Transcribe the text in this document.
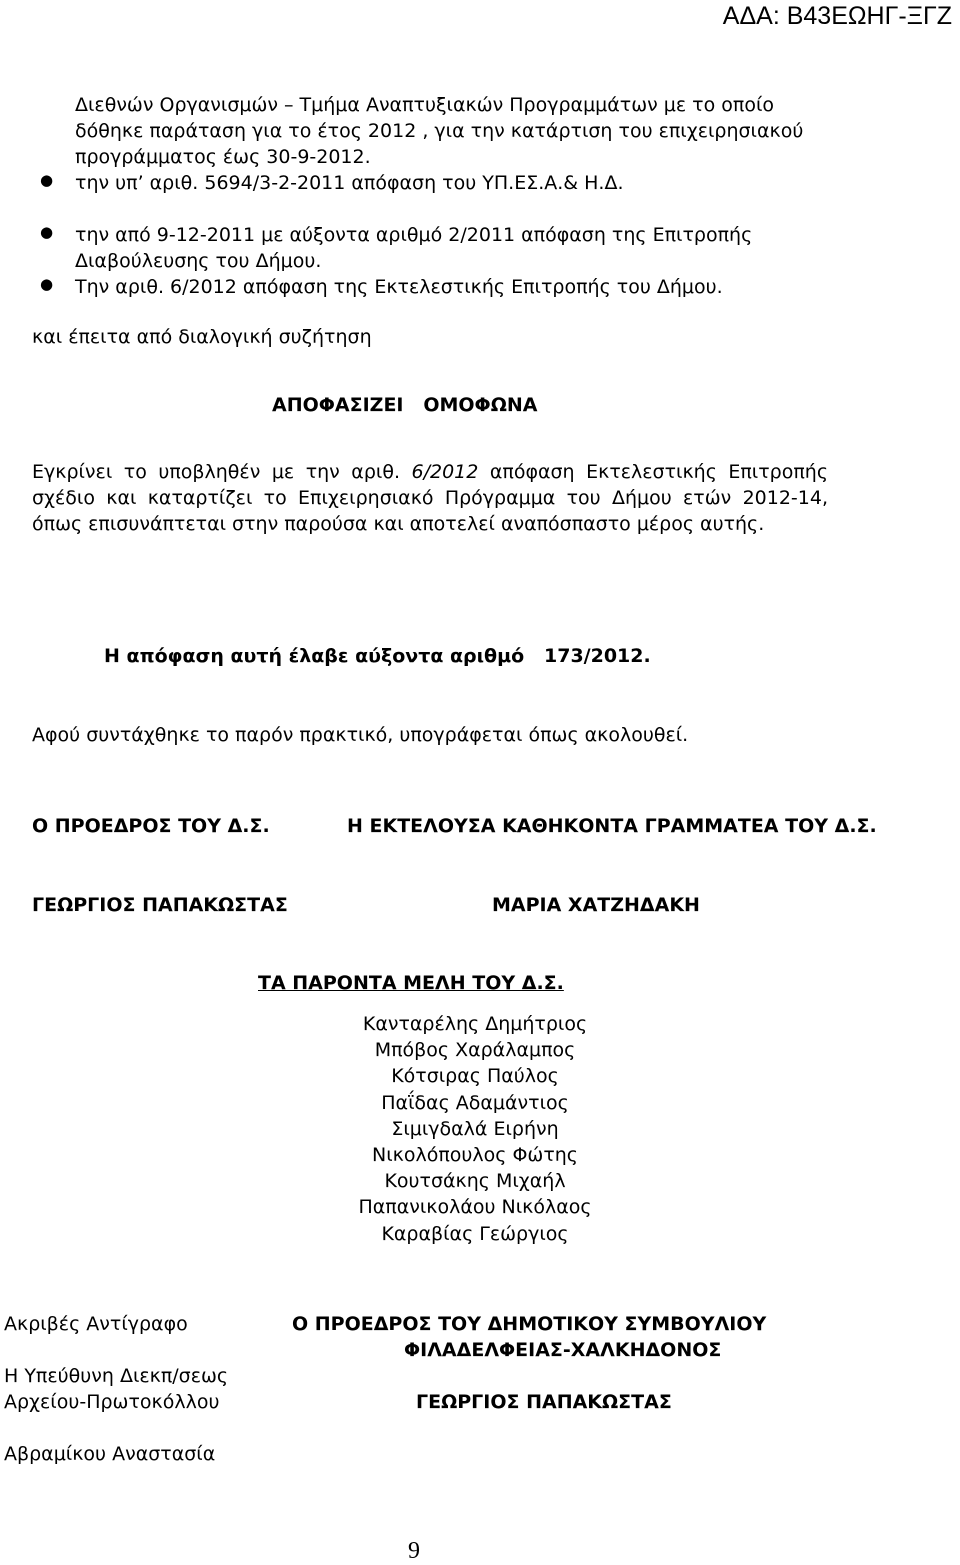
ΑΔΑ: Β43ΕΩΗΓ-ΞΓΖ
Διεθνών Οργανισμών – Τμήμα Αναπτυξιακών Προγραμμάτων με το οποίο
δόθηκε παράταση για το έτος 2012 , για την κατάρτιση του επιχειρησιακού
προγράμματος έως 30-9-2012.
● την υπ’ αριθ. 5694/3-2-2011 απόφαση του ΥΠ.ΕΣ.Α.& Η.Δ.
● την από 9-12-2011 με αύξοντα αριθμό 2/2011 απόφαση της Επιτροπής
Διαβούλευσης του Δήμου.
● Την αριθ. 6/2012 απόφαση της Εκτελεστικής Επιτροπής του Δήμου.
και έπειτα από διαλογική συζήτηση
ΑΠΟΦΑΣΙΖΕΙ   ΟΜΟΦΩΝΑ
Εγκρίνει το υποβληθέν με την αριθ. 6/2012 απόφαση Εκτελεστικής Επιτροπής σχέδιο και καταρτίζει το Επιχειρησιακό Πρόγραμμα του Δήμου ετών 2012-14, όπως επισυνάπτεται στην παρούσα και αποτελεί αναπόσπαστο μέρος αυτής.
Η απόφαση αυτή έλαβε αύξοντα αριθμό 173/2012.
Αφού συντάχθηκε το παρόν πρακτικό, υπογράφεται όπως ακολουθεί.
Ο ΠΡΟΕΔΡΟΣ ΤΟΥ Δ.Σ.	Η ΕΚΤΕΛΟΥΣΑ ΚΑΘΗΚΟΝΤΑ ΓΡΑΜΜΑΤΕΑ ΤΟΥ Δ.Σ.
ΓΕΩΡΓΙΟΣ ΠΑΠΑΚΩΣΤΑΣ	ΜΑΡΙΑ ΧΑΤΖΗΔΑΚΗ
ΤΑ ΠΑΡΟΝΤΑ ΜΕΛΗ ΤΟΥ Δ.Σ.
Κανταρέλης Δημήτριος
Μπόβος Χαράλαμπος
Κότσιρας Παύλος
Παΐδας Αδαμάντιος
Σιμιγδαλά Ειρήνη
Νικολόπουλος Φώτης
Κουτσάκης Μιχαήλ
Παπανικολάου Νικόλαος
Καραβίας Γεώργιος
Ακριβές Αντίγραφο
Η Υπεύθυνη Διεκπ/σεως
Αρχείου-Πρωτοκόλλου
Αβραμίκου Αναστασία
Ο ΠΡΟΕΔΡΟΣ ΤΟΥ ΔΗΜΟΤΙΚΟΥ ΣΥΜΒΟΥΛΙΟΥ
ΦΙΛΑΔΕΛΦΕΙΑΣ-ΧΑΛΚΗΔΟΝΟΣ
ΓΕΩΡΓΙΟΣ ΠΑΠΑΚΩΣΤΑΣ
9
